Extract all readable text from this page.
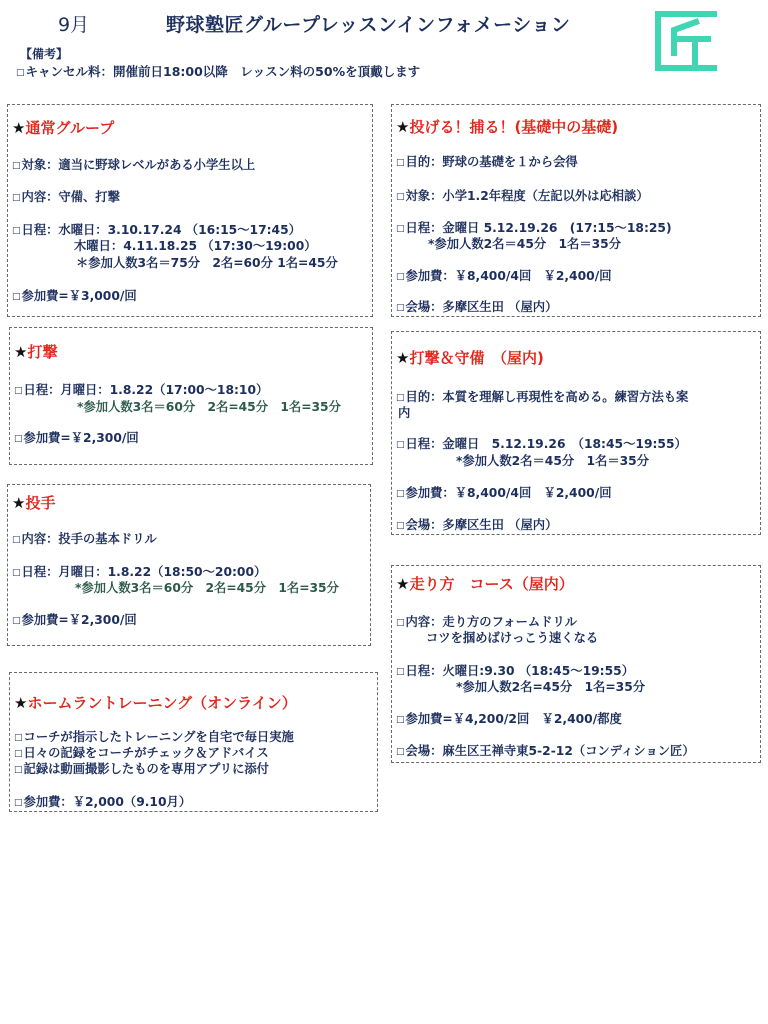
9月	野球塾匠グループレッスンインフォメーション
【備考】
□キャンセル料：開催前日18:00以降　レッスン料の50%を頂戴します
★通常グループ
□対象：適当に野球レベルがある小学生以上
□内容：守備、打撃
□日程：水曜日：3.10.17.24 （16:15〜17:45）
木曜日：4.11.18.25 （17:30〜19:00）
＊参加人数3名＝75分　2名=60分 1名=45分
□参加費=￥3,000/回
★打撃
□日程：月曜日：1.8.22（17:00〜18:10）
*参加人数3名＝60分　2名=45分　1名=35分
□参加費=￥2,300/回
★投手
□内容：投手の基本ドリル
□日程：月曜日：1.8.22（18:50〜20:00）
*参加人数3名＝60分　2名=45分　1名=35分
□参加費=￥2,300/回
★ホームラントレーニング（オンライン）
□コーチが指示したトレーニングを自宅で毎日実施
□日々の記録をコーチがチェック＆アドバイス
□記録は動画撮影したものを専用アプリに添付
□参加費：￥2,000（9.10月）
★投げる！捕る！(基礎中の基礎)
□目的：野球の基礎を１から会得
□対象：小学1.2年程度（左記以外は応相談）
□日程：金曜日 5.12.19.26　(17:15〜18:25)
*参加人数2名＝45分　1名＝35分
□参加費：￥8,400/4回　￥2,400/回
□会場：多摩区生田 （屋内）
★打撃＆守備　（屋内)
□目的：本質を理解し再現性を高める。練習方法も案
内
□日程：金曜日　5.12.19.26　（18:45〜19:55）
*参加人数2名＝45分　1名＝35分
□参加費：￥8,400/4回　￥2,400/回
□会場：多摩区生田 （屋内）
★走り方　コース（屋内）
□内容：走り方のフォームドリル
コツを掴めばけっこう速くなる
□日程：火曜日:9.30 （18:45〜19:55）
*参加人数2名=45分　1名=35分
□参加費=￥4,200/2回　￥2,400/都度
□会場：麻生区王禅寺東5-2-12（コンディション匠）
